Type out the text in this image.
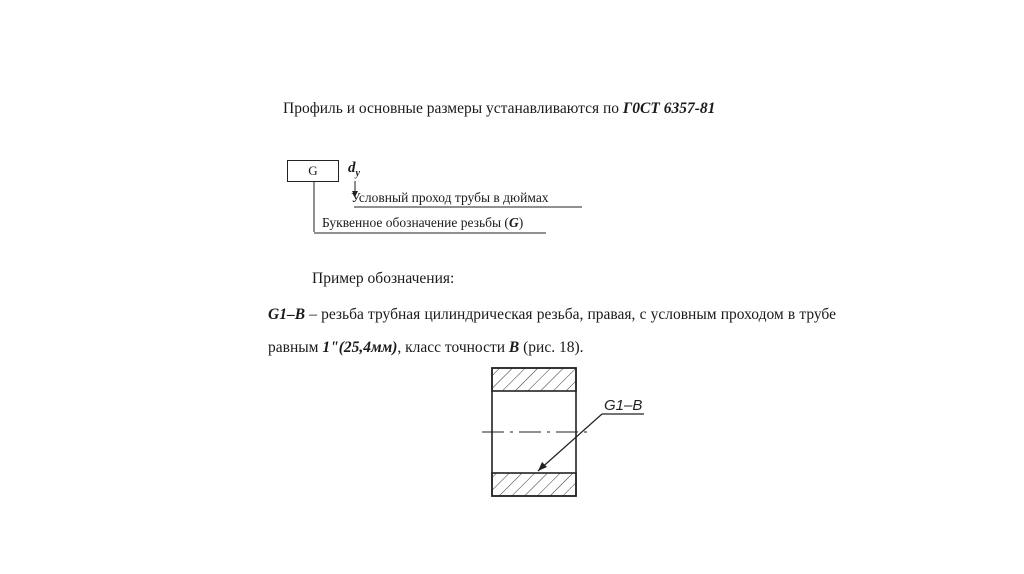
Профиль и основные размеры устанавливаются по Г0СТ 6357-81
G	$d_y$
Условный проход трубы в дюймах
Буквенное обозначение резьбы (G)
Пример обозначения:
G1–B – резьба трубная цилиндрическая резьба, правая, с условным проходом в трубе равным 1"(25,4мм), класс точности B (рис. 18).
G1–B
